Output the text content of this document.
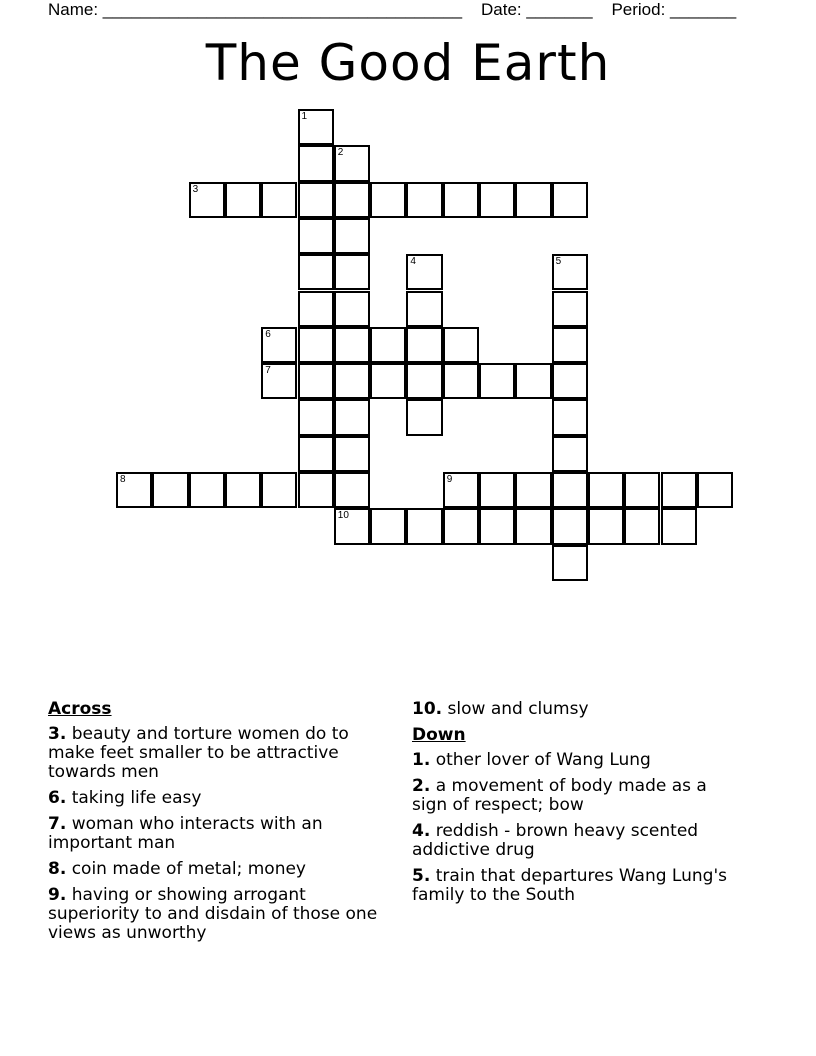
Name: ______________________________________ Date: _______ Period: _______
The Good Earth
3
6
7
8	9
10
1
2
4	5
Across
3. beauty and torture women do to make feet smaller to be attractive towards men
6. taking life easy
7. woman who interacts with an important man
8. coin made of metal; money
9. having or showing arrogant superiority to and disdain of those one views as unworthy
10. slow and clumsy
Down
1. other lover of Wang Lung
2. a movement of body made as a sign of respect; bow
4. reddish - brown heavy scented addictive drug
5. train that departures Wang Lung's family to the South
